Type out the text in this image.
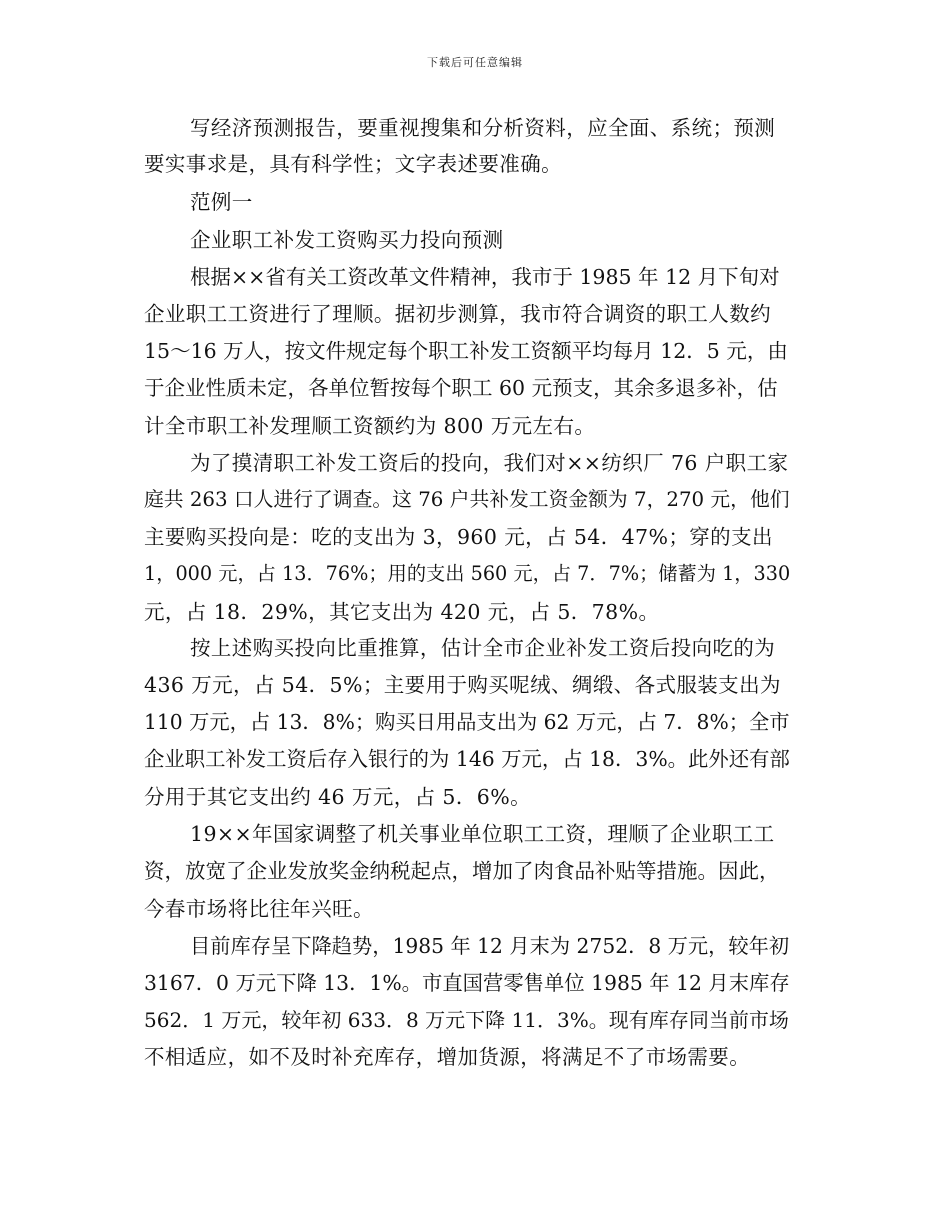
下载后可任意编辑
写经济预测报告，要重视搜集和分析资料，应全面、系统；预测
要实事求是，具有科学性；文字表述要准确。
范例一
企业职工补发工资购买力投向预测
根据××省有关工资改革文件精神，我市于 1985 年 12 月下旬对
企业职工工资进行了理顺。据初步测算，我市符合调资的职工人数约
15～16 万人，按文件规定每个职工补发工资额平均每月 12．5 元，由
于企业性质未定，各单位暂按每个职工 60 元预支，其余多退多补，估
计全市职工补发理顺工资额约为 800 万元左右。
为了摸清职工补发工资后的投向，我们对××纺织厂 76 户职工家
庭共 263 口人进行了调查。这 76 户共补发工资金额为 7，270 元，他们
主要购买投向是：吃的支出为 3，960 元，占 54．47%；穿的支出
1，000 元，占 13．76%；用的支出 560 元，占 7．7%；储蓄为 1，330
元，占 18．29%，其它支出为 420 元，占 5．78%。
按上述购买投向比重推算，估计全市企业补发工资后投向吃的为
436 万元，占 54．5%；主要用于购买呢绒、绸缎、各式服装支出为
110 万元，占 13．8%；购买日用品支出为 62 万元，占 7．8%；全市
企业职工补发工资后存入银行的为 146 万元，占 18．3%。此外还有部
分用于其它支出约 46 万元，占 5．6%。
19××年国家调整了机关事业单位职工工资，理顺了企业职工工
资，放宽了企业发放奖金纳税起点，增加了肉食品补贴等措施。因此，
今春市场将比往年兴旺。
目前库存呈下降趋势，1985 年 12 月末为 2752．8 万元，较年初
3167．0 万元下降 13．1%。市直国营零售单位 1985 年 12 月末库存
562．1 万元，较年初 633．8 万元下降 11．3%。现有库存同当前市场
不相适应，如不及时补充库存，增加货源，将满足不了市场需要。
